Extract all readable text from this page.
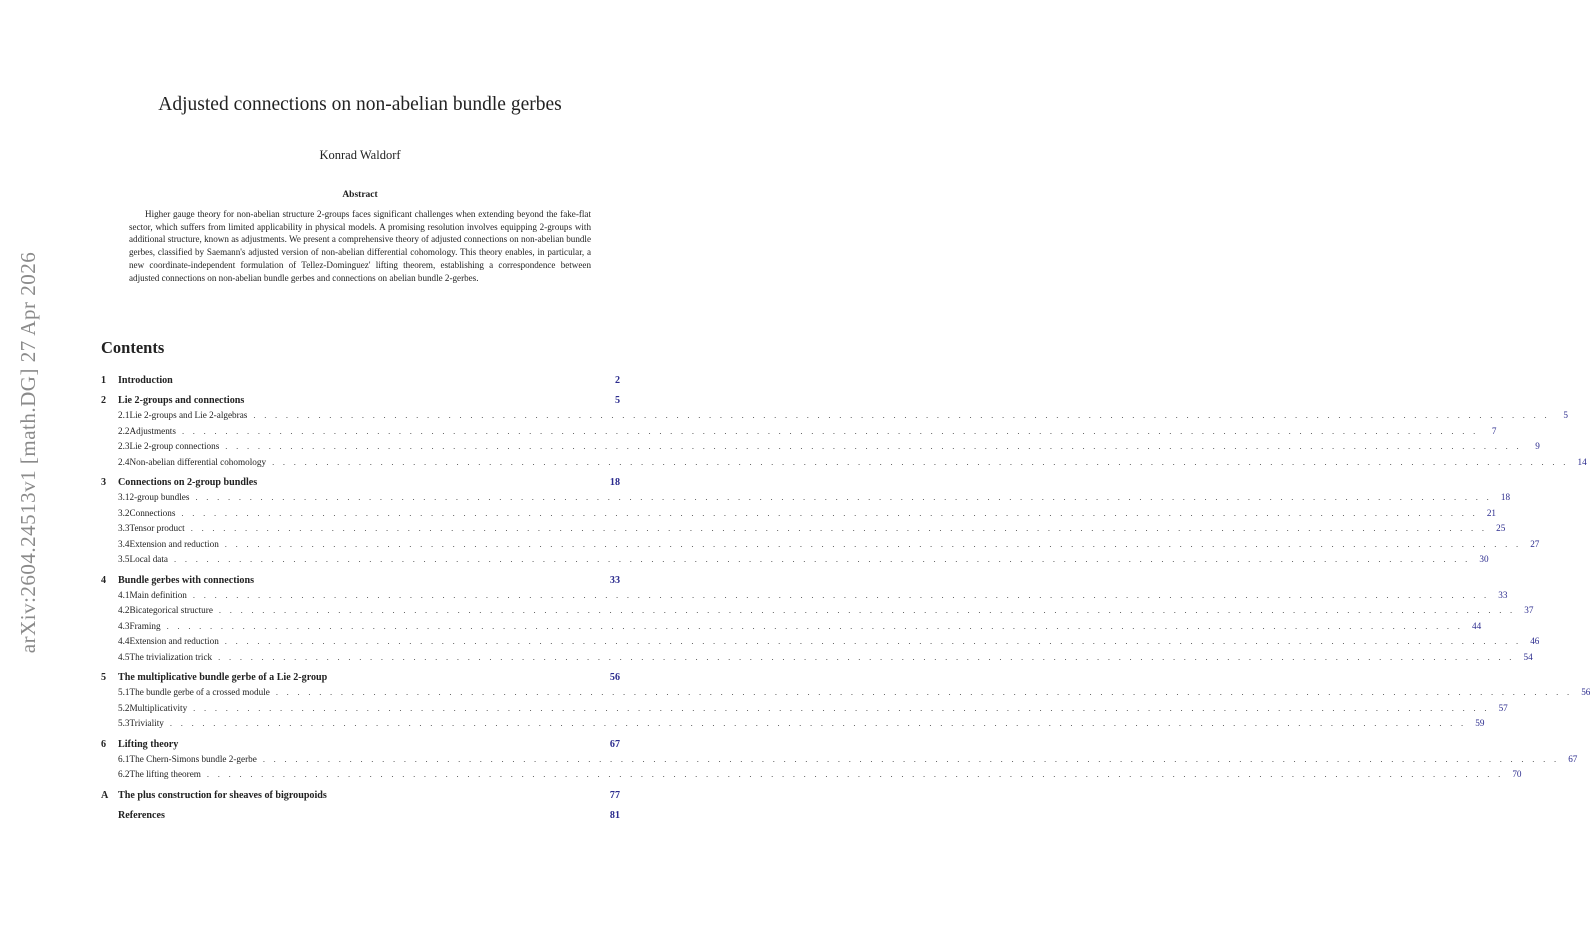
arXiv:2604.24513v1 [math.DG] 27 Apr 2026
Adjusted connections on non-abelian bundle gerbes
Konrad Waldorf
Abstract

Higher gauge theory for non-abelian structure 2-groups faces significant challenges when extending beyond the fake-flat sector, which suffers from limited applicability in physical models. A promising resolution involves equipping 2-groups with additional structure, known as adjustments. We present a comprehensive theory of adjusted connections on non-abelian bundle gerbes, classified by Saemann's adjusted version of non-abelian differential cohomology. This theory enables, in particular, a new coordinate-independent formulation of Tellez-Dominguez' lifting theorem, establishing a correspondence between adjusted connections on non-abelian bundle gerbes and connections on abelian bundle 2-gerbes.

Contents
1	Introduction	2
2	Lie 2-groups and connections	5
2.1 Lie 2-groups and Lie 2-algebras . . . . . . . . . . . . . . . . . . . . . . . . . . . . . . . . . . . . . . . . . . . . . . . . . . . . . . . . . . . . . . . . . . . . . . . . . . . . . . . . . . . . . . . . . . . . . . . . . . . . . . . . . . . . . . . . . . . . . . . .	5
2.2 Adjustments . . . . . . . . . . . . . . . . . . . . . . . . . . . . . . . . . . . . . . . . . . . . . . . . . . . . . . . . . . . . . . . . . . . . . . . . . . . . . . . . . . . . . . . . . . . . . . . . . . . . . . . . . . . . . . . . . . . . . . . .	7
2.3 Lie 2-group connections . . . . . . . . . . . . . . . . . . . . . . . . . . . . . . . . . . . . . . . . . . . . . . . . . . . . . . . . . . . . . . . . . . . . . . . . . . . . . . . . . . . . . . . . . . . . . . . . . . . . . . . . . . . . . . . . . . . . . . . .	9
2.4 Non-abelian differential cohomology . . . . . . . . . . . . . . . . . . . . . . . . . . . . . . . . . . . . . . . . . . . . . . . . . . . . . . . . . . . . . . . . . . . . . . . . . . . . . . . . . . . . . . . . . . . . . . . . . . . . . . . . . . . . . . . . . . . . . . . . 14
3	Connections on 2-group bundles	18
3.1 2-group bundles . . . . . . . . . . . . . . . . . . . . . . . . . . . . . . . . . . . . . . . . . . . . . . . . . . . . . . . . . . . . . . . . . . . . . . . . . . . . . . . . . . . . . . . . . . . . . . . . . . . . . . . . . . . . . . . . . . . . . . . . 18
3.2 Connections . . . . . . . . . . . . . . . . . . . . . . . . . . . . . . . . . . . . . . . . . . . . . . . . . . . . . . . . . . . . . . . . . . . . . . . . . . . . . . . . . . . . . . . . . . . . . . . . . . . . . . . . . . . . . . . . . . . . . . . . 21
3.3 Tensor product . . . . . . . . . . . . . . . . . . . . . . . . . . . . . . . . . . . . . . . . . . . . . . . . . . . . . . . . . . . . . . . . . . . . . . . . . . . . . . . . . . . . . . . . . . . . . . . . . . . . . . . . . . . . . . . . . . . . . . . . 25
3.4 Extension and reduction . . . . . . . . . . . . . . . . . . . . . . . . . . . . . . . . . . . . . . . . . . . . . . . . . . . . . . . . . . . . . . . . . . . . . . . . . . . . . . . . . . . . . . . . . . . . . . . . . . . . . . . . . . . . . . . . . . . . . . . . 27
3.5 Local data . . . . . . . . . . . . . . . . . . . . . . . . . . . . . . . . . . . . . . . . . . . . . . . . . . . . . . . . . . . . . . . . . . . . . . . . . . . . . . . . . . . . . . . . . . . . . . . . . . . . . . . . . . . . . . . . . . . . . . . . 30
4	Bundle gerbes with connections	33
4.1 Main definition . . . . . . . . . . . . . . . . . . . . . . . . . . . . . . . . . . . . . . . . . . . . . . . . . . . . . . . . . . . . . . . . . . . . . . . . . . . . . . . . . . . . . . . . . . . . . . . . . . . . . . . . . . . . . . . . . . . . . . . . 33
4.2 Bicategorical structure . . . . . . . . . . . . . . . . . . . . . . . . . . . . . . . . . . . . . . . . . . . . . . . . . . . . . . . . . . . . . . . . . . . . . . . . . . . . . . . . . . . . . . . . . . . . . . . . . . . . . . . . . . . . . . . . . . . . . . . . 37
4.3 Framing . . . . . . . . . . . . . . . . . . . . . . . . . . . . . . . . . . . . . . . . . . . . . . . . . . . . . . . . . . . . . . . . . . . . . . . . . . . . . . . . . . . . . . . . . . . . . . . . . . . . . . . . . . . . . . . . . . . . . . . . 44
4.4 Extension and reduction . . . . . . . . . . . . . . . . . . . . . . . . . . . . . . . . . . . . . . . . . . . . . . . . . . . . . . . . . . . . . . . . . . . . . . . . . . . . . . . . . . . . . . . . . . . . . . . . . . . . . . . . . . . . . . . . . . . . . . . . 46
4.5 The trivialization trick . . . . . . . . . . . . . . . . . . . . . . . . . . . . . . . . . . . . . . . . . . . . . . . . . . . . . . . . . . . . . . . . . . . . . . . . . . . . . . . . . . . . . . . . . . . . . . . . . . . . . . . . . . . . . . . . . . . . . . . . 54
5	The multiplicative bundle gerbe of a Lie 2-group	56
5.1 The bundle gerbe of a crossed module . . . . . . . . . . . . . . . . . . . . . . . . . . . . . . . . . . . . . . . . . . . . . . . . . . . . . . . . . . . . . . . . . . . . . . . . . . . . . . . . . . . . . . . . . . . . . . . . . . . . . . . . . . . . . . . . . . . . . . . . 56
5.2 Multiplicativity . . . . . . . . . . . . . . . . . . . . . . . . . . . . . . . . . . . . . . . . . . . . . . . . . . . . . . . . . . . . . . . . . . . . . . . . . . . . . . . . . . . . . . . . . . . . . . . . . . . . . . . . . . . . . . . . . . . . . . . . 57
5.3 Triviality . . . . . . . . . . . . . . . . . . . . . . . . . . . . . . . . . . . . . . . . . . . . . . . . . . . . . . . . . . . . . . . . . . . . . . . . . . . . . . . . . . . . . . . . . . . . . . . . . . . . . . . . . . . . . . . . . . . . . . . . 59
6	Lifting theory	67
6.1 The Chern-Simons bundle 2-gerbe . . . . . . . . . . . . . . . . . . . . . . . . . . . . . . . . . . . . . . . . . . . . . . . . . . . . . . . . . . . . . . . . . . . . . . . . . . . . . . . . . . . . . . . . . . . . . . . . . . . . . . . . . . . . . . . . . . . . . . . . 67
6.2 The lifting theorem . . . . . . . . . . . . . . . . . . . . . . . . . . . . . . . . . . . . . . . . . . . . . . . . . . . . . . . . . . . . . . . . . . . . . . . . . . . . . . . . . . . . . . . . . . . . . . . . . . . . . . . . . . . . . . . . . . . . . . . . 70
A The plus construction for sheaves of bigroupoids	77
References	81
